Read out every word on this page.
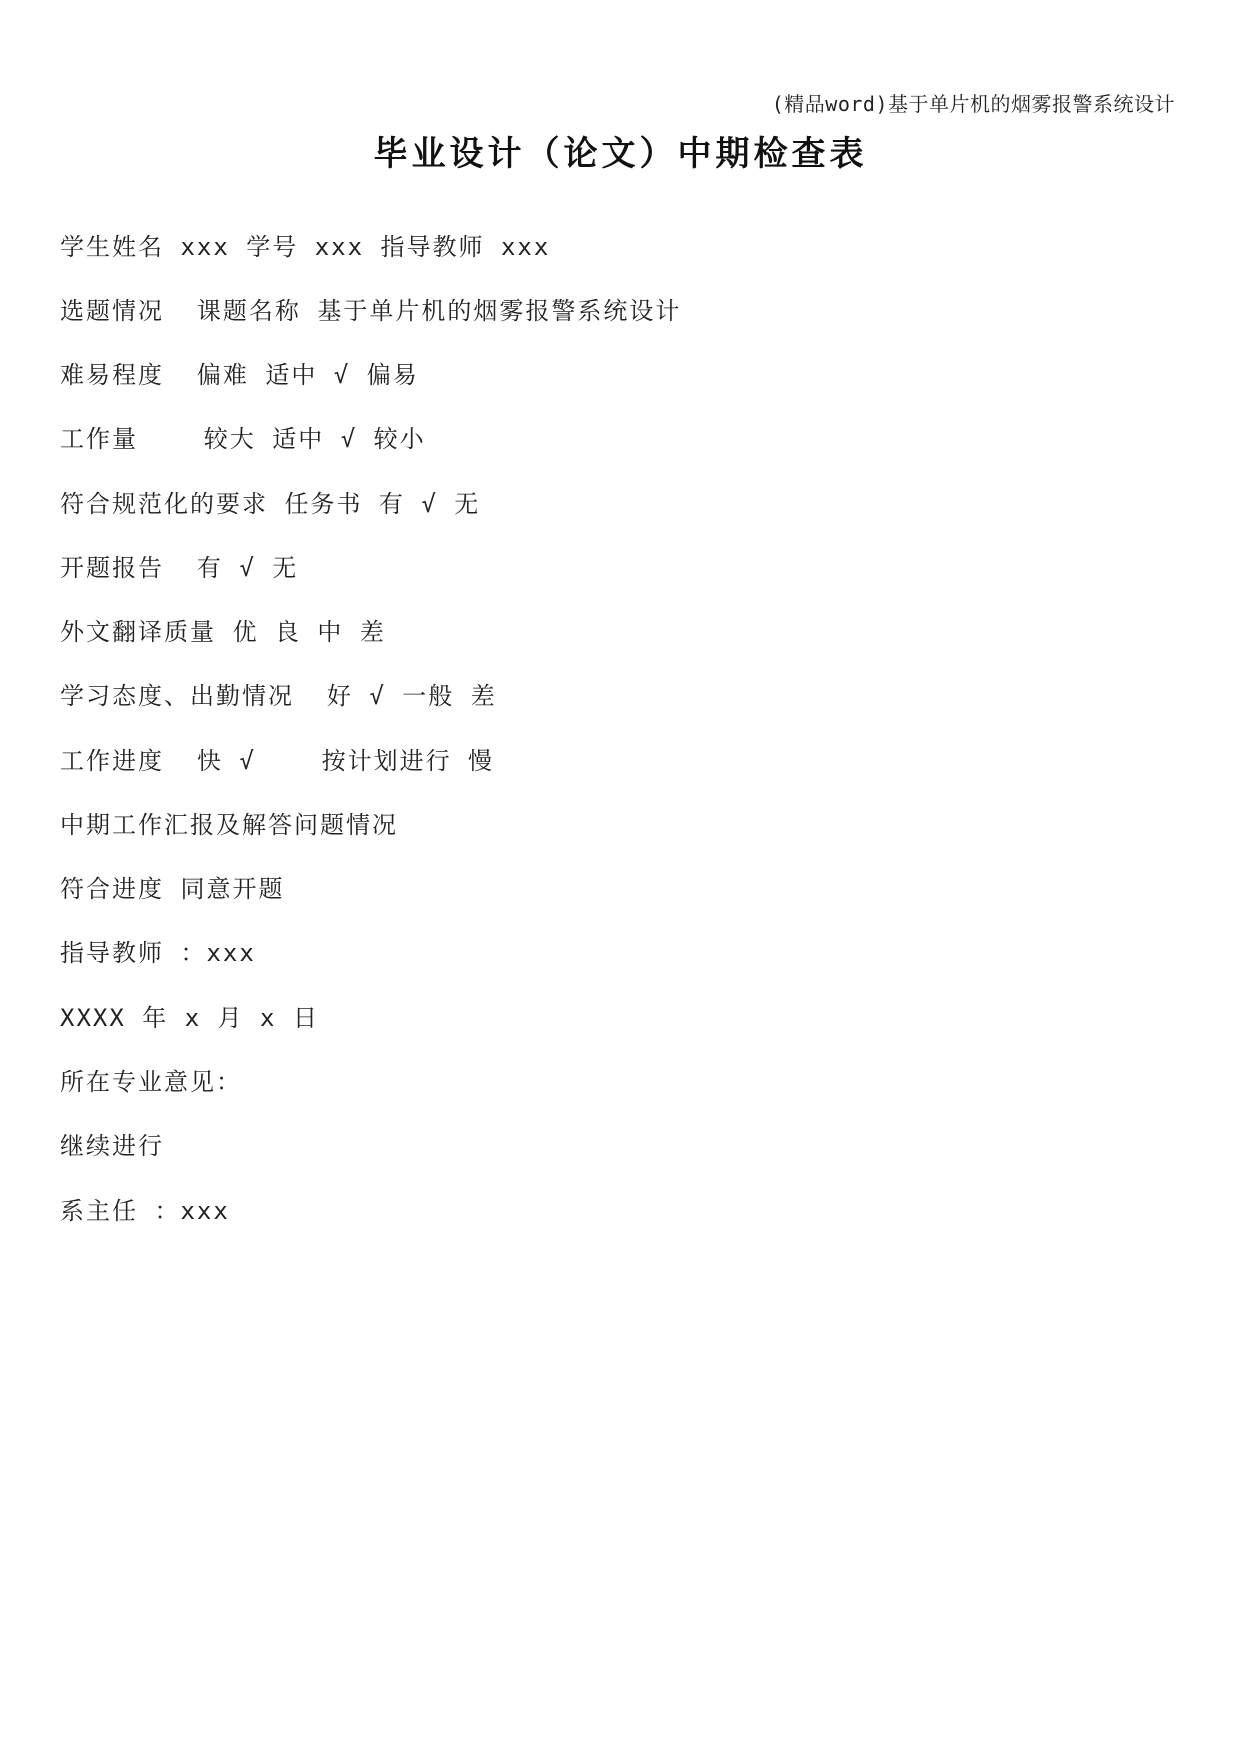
(精品word)基于单片机的烟雾报警系统设计
毕业设计（论文）中期检查表
学生姓名 xxx 学号 xxx 指导教师 xxx
选题情况  课题名称 基于单片机的烟雾报警系统设计
难易程度  偏难 适中 √ 偏易
工作量    较大 适中 √ 较小
符合规范化的要求 任务书 有 √ 无
开题报告  有 √ 无
外文翻译质量 优 良 中 差
学习态度、出勤情况  好 √ 一般 差
工作进度  快 √    按计划进行 慢
中期工作汇报及解答问题情况
符合进度 同意开题
指导教师 ：xxx
XXXX 年 x 月 x 日
所在专业意见：
继续进行
系主任 ：xxx
